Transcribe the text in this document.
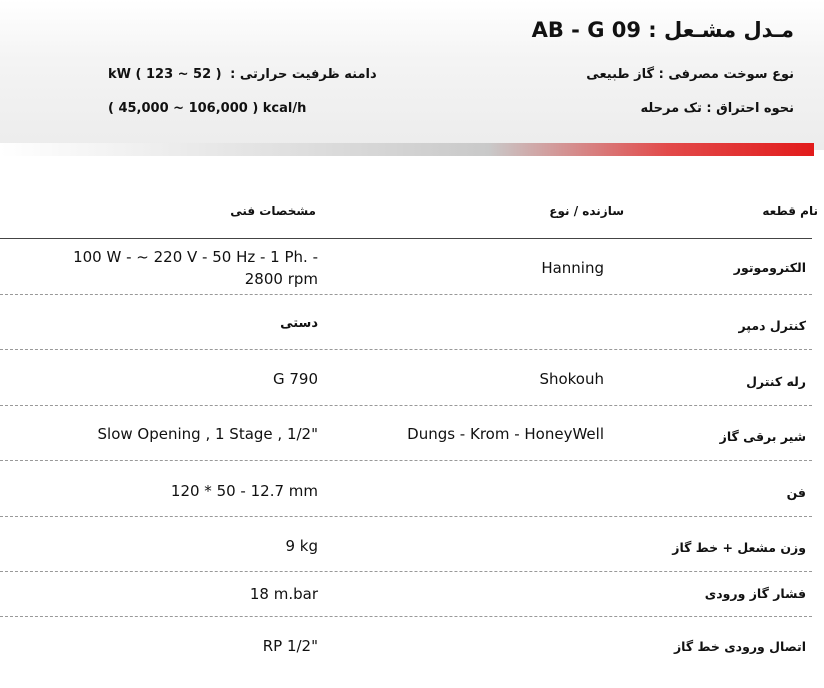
AB - G 09 مـدل مشـعل :
نوع سوخت مصرفی : گاز طبیعی
نحوه احتراق : تک مرحله
kW ( 123 ~ 52 ) دامنه ظرفیت حرارتی :
( 45,000 ~ 106,000 ) kcal/h
نام قطعه
سازنده / نوع
مشخصات فنی
الکتروموتور
Hanning
100 W - ~ 220 V - 50 Hz - 1 Ph. -
2800 rpm
کنترل دمپر
دستی
رله کنترل
Shokouh
G 790
شیر برقی گاز
Dungs - Krom - HoneyWell
Slow Opening , 1 Stage , 1/2"
فن
120 * 50 - 12.7 mm
وزن مشعل + خط گاز
9 kg
فشار گاز ورودی
18 m.bar
اتصال ورودی خط گاز
RP 1/2"
